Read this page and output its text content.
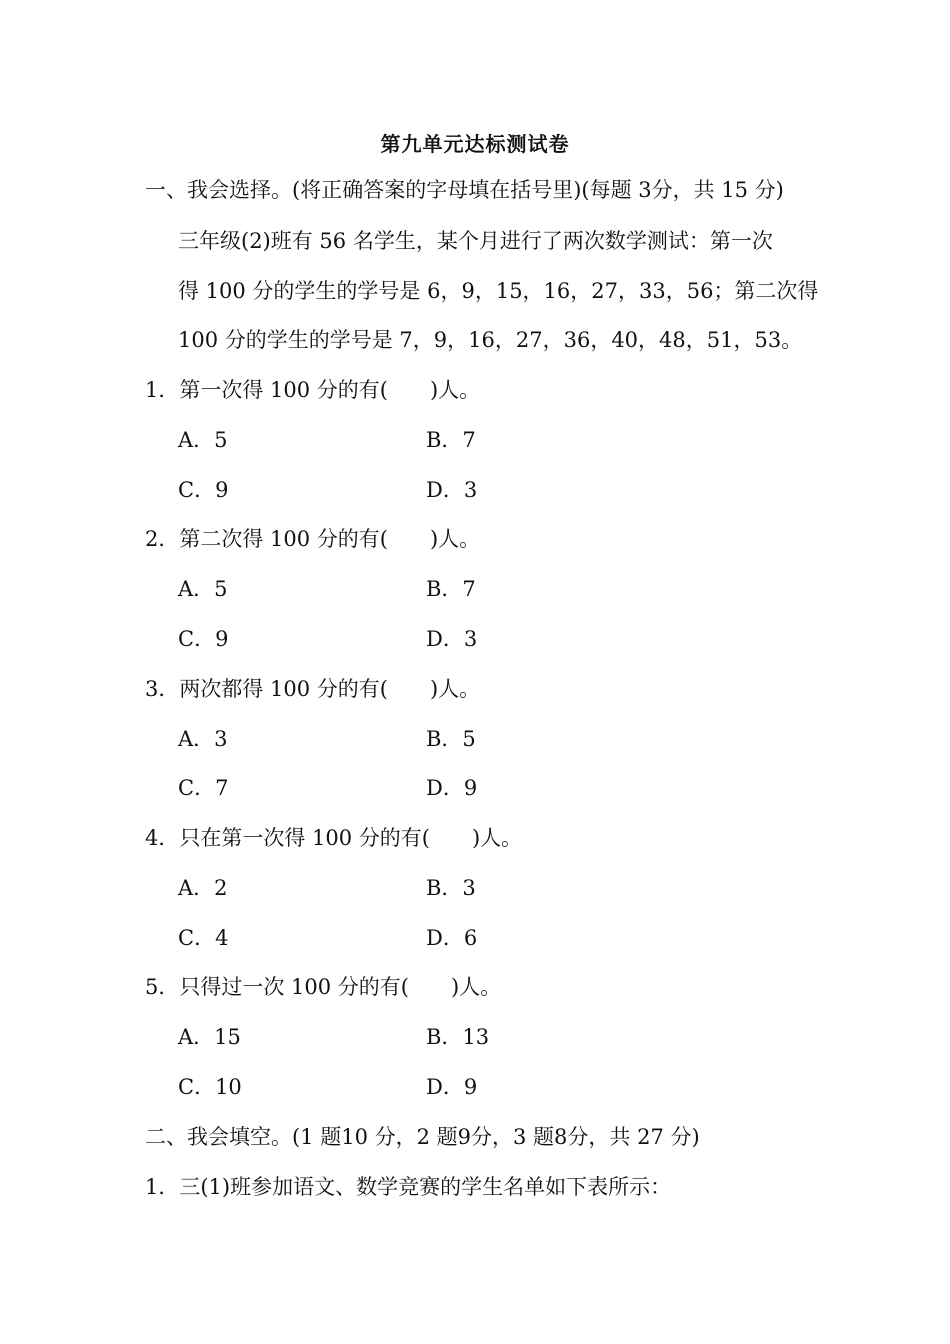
第九单元达标测试卷
一、我会选择。(将正确答案的字母填在括号里)(每题 3分，共 15 分)
三年级(2)班有 56 名学生，某个月进行了两次数学测试：第一次
得 100 分的学生的学号是 6，9，15，16，27，33，56；第二次得
100 分的学生的学号是 7，9，16，27，36，40，48，51，53。
1．第一次得 100 分的有(　　)人。
A．5	B．7
C．9	D．3
2．第二次得 100 分的有(　　)人。
A．5	B．7
C．9	D．3
3．两次都得 100 分的有(　　)人。
A．3	B．5
C．7	D．9
4．只在第一次得 100 分的有(　　)人。
A．2	B．3
C．4	D．6
5．只得过一次 100 分的有(　　)人。
A．15	B．13
C．10	D．9
二、我会填空。(1 题10 分，2 题9分，3 题8分，共 27 分)
1．三(1)班参加语文、数学竞赛的学生名单如下表所示：
